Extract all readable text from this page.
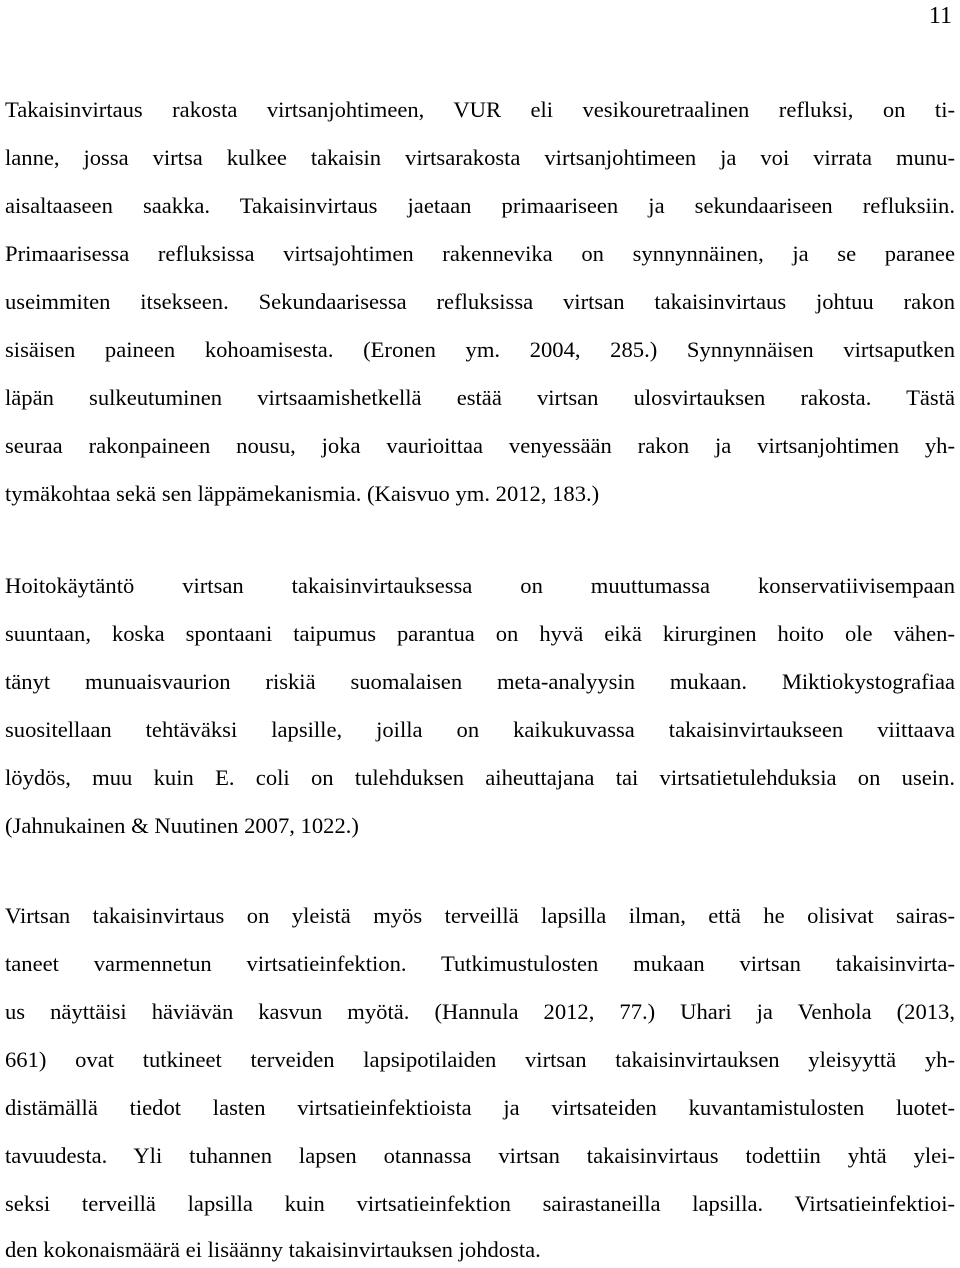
11
Takaisinvirtaus rakosta virtsanjohtimeen, VUR eli vesikouretraalinen refluksi, on ti-
lanne, jossa virtsa kulkee takaisin virtsarakosta virtsanjohtimeen ja voi virrata munu-
aisaltaaseen saakka. Takaisinvirtaus jaetaan primaariseen ja sekundaariseen refluksiin.
Primaarisessa refluksissa virtsajohtimen rakennevika on synnynnäinen, ja se paranee
useimmiten itsekseen. Sekundaarisessa refluksissa virtsan takaisinvirtaus johtuu rakon
sisäisen paineen kohoamisesta. (Eronen ym. 2004, 285.) Synnynnäisen virtsaputken
läpän sulkeutuminen virtsaamishetkellä estää virtsan ulosvirtauksen rakosta. Tästä
seuraa rakonpaineen nousu, joka vaurioittaa venyessään rakon ja virtsanjohtimen yh-
tymäkohtaa sekä sen läppämekanismia. (Kaisvuo ym. 2012, 183.)
Hoitokäytäntö virtsan takaisinvirtauksessa on muuttumassa konservatiivisempaan
suuntaan, koska spontaani taipumus parantua on hyvä eikä kirurginen hoito ole vähen-
tänyt munuaisvaurion riskiä suomalaisen meta-analyysin mukaan. Miktiokystografiaa
suositellaan tehtäväksi lapsille, joilla on kaikukuvassa takaisinvirtaukseen viittaava
löydös, muu kuin E. coli on tulehduksen aiheuttajana tai virtsatietulehduksia on usein.
(Jahnukainen & Nuutinen 2007, 1022.)
Virtsan takaisinvirtaus on yleistä myös terveillä lapsilla ilman, että he olisivat sairas-
taneet varmennetun virtsatieinfektion. Tutkimustulosten mukaan virtsan takaisinvirta-
us näyttäisi häviävän kasvun myötä. (Hannula 2012, 77.) Uhari ja Venhola (2013,
661) ovat tutkineet terveiden lapsipotilaiden virtsan takaisinvirtauksen yleisyyttä yh-
distämällä tiedot lasten virtsatieinfektioista ja virtsateiden kuvantamistulosten luotet-
tavuudesta. Yli tuhannen lapsen otannassa virtsan takaisinvirtaus todettiin yhtä ylei-
seksi terveillä lapsilla kuin virtsatieinfektion sairastaneilla lapsilla. Virtsatieinfektioi-
den kokonaismäärä ei lisäänny takaisinvirtauksen johdosta.
